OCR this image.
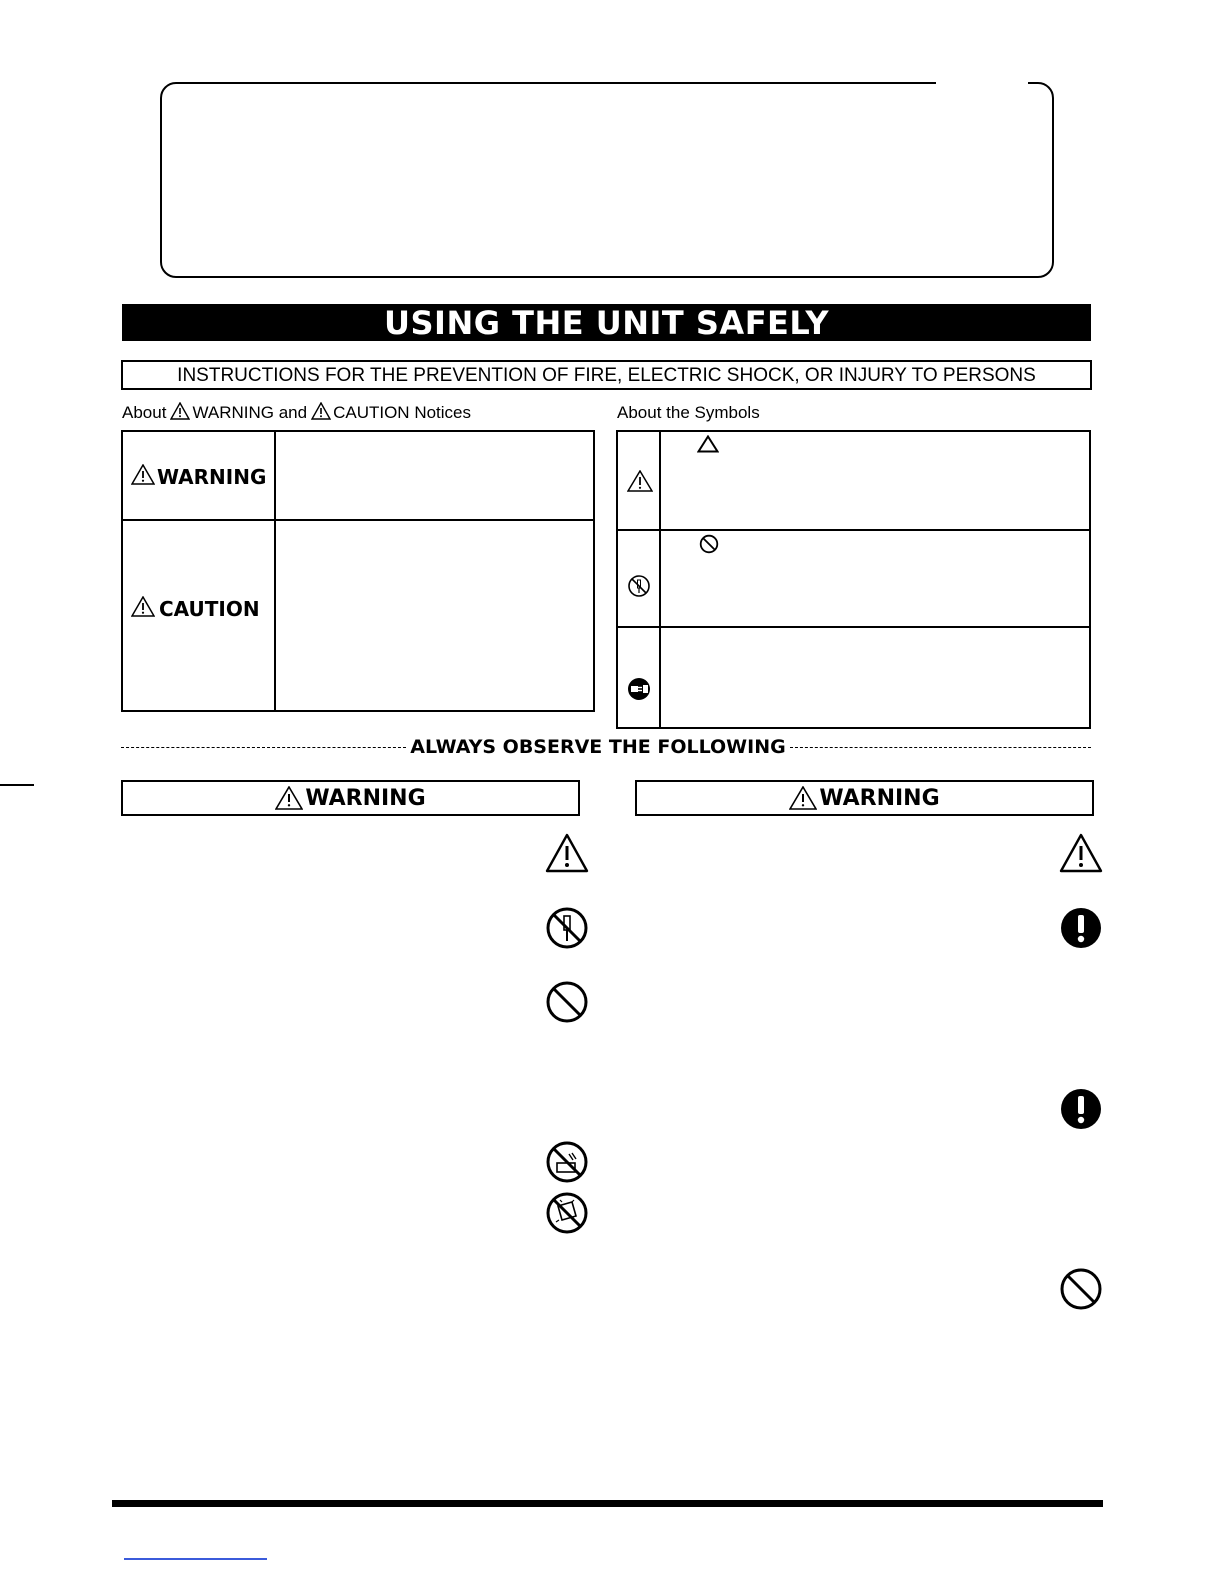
USING THE UNIT SAFELY
INSTRUCTIONS FOR THE PREVENTION OF FIRE, ELECTRIC SHOCK, OR INJURY TO PERSONS
About WARNING and CAUTION Notices	About the Symbols
WARNING
CAUTION
ALWAYS OBSERVE THE FOLLOWING
WARNING	WARNING
